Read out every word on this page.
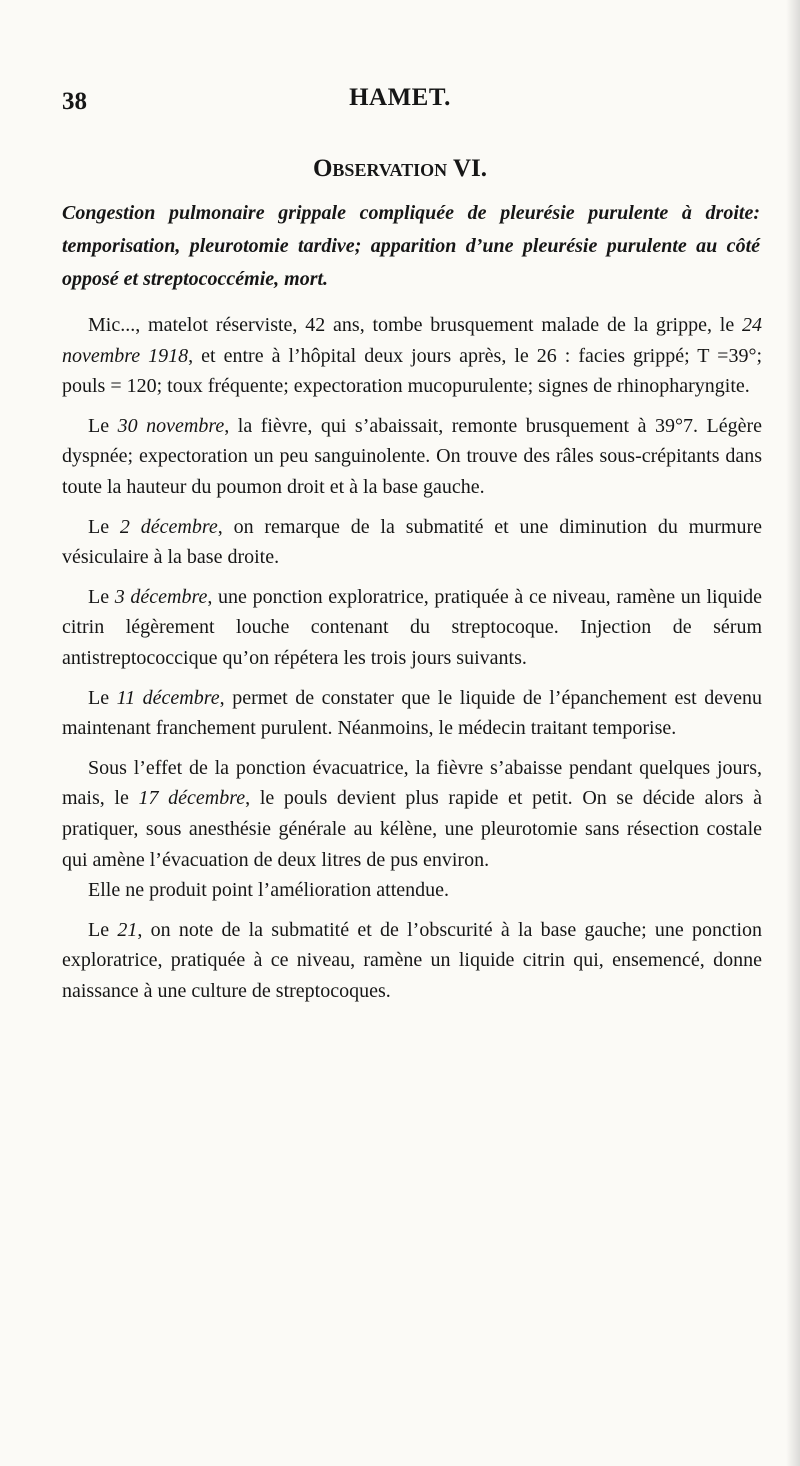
38	HAMET.
Observation VI.
Congestion pulmonaire grippale compliquée de pleurésie purulente à droite: temporisation, pleurotomie tardive; apparition d’une pleurésie purulente au côté opposé et streptococcémie, mort.

Mic..., matelot réserviste, 42 ans, tombe brusquement malade de la grippe, le 24 novembre 1918, et entre à l’hôpital deux jours après, le 26 : facies grippé; T =39°; pouls = 120; toux fréquente; expectoration mucopurulente; signes de rhinopharyngite.

Le 30 novembre, la fièvre, qui s’abaissait, remonte brusquement à 39°7. Légère dyspnée; expectoration un peu sanguinolente. On trouve des râles sous-crépitants dans toute la hauteur du poumon droit et à la base gauche.

Le 2 décembre, on remarque de la submatité et une diminution du murmure vésiculaire à la base droite.

Le 3 décembre, une ponction exploratrice, pratiquée à ce niveau, ramène un liquide citrin légèrement louche contenant du streptocoque. Injection de sérum antistreptococcique qu’on répétera les trois jours suivants.

Le 11 décembre, permet de constater que le liquide de l’épanchement est devenu maintenant franchement purulent. Néanmoins, le médecin traitant temporise.

Sous l’effet de la ponction évacuatrice, la fièvre s’abaisse pendant quelques jours, mais, le 17 décembre, le pouls devient plus rapide et petit. On se décide alors à pratiquer, sous anesthésie générale au kélène, une pleurotomie sans résection costale qui amène l’évacuation de deux litres de pus environ.

Elle ne produit point l’amélioration attendue.

Le 21, on note de la submatité et de l’obscurité à la base gauche; une ponction exploratrice, pratiquée à ce niveau, ramène un liquide citrin qui, ensemencé, donne naissance à une culture de streptocoques.
